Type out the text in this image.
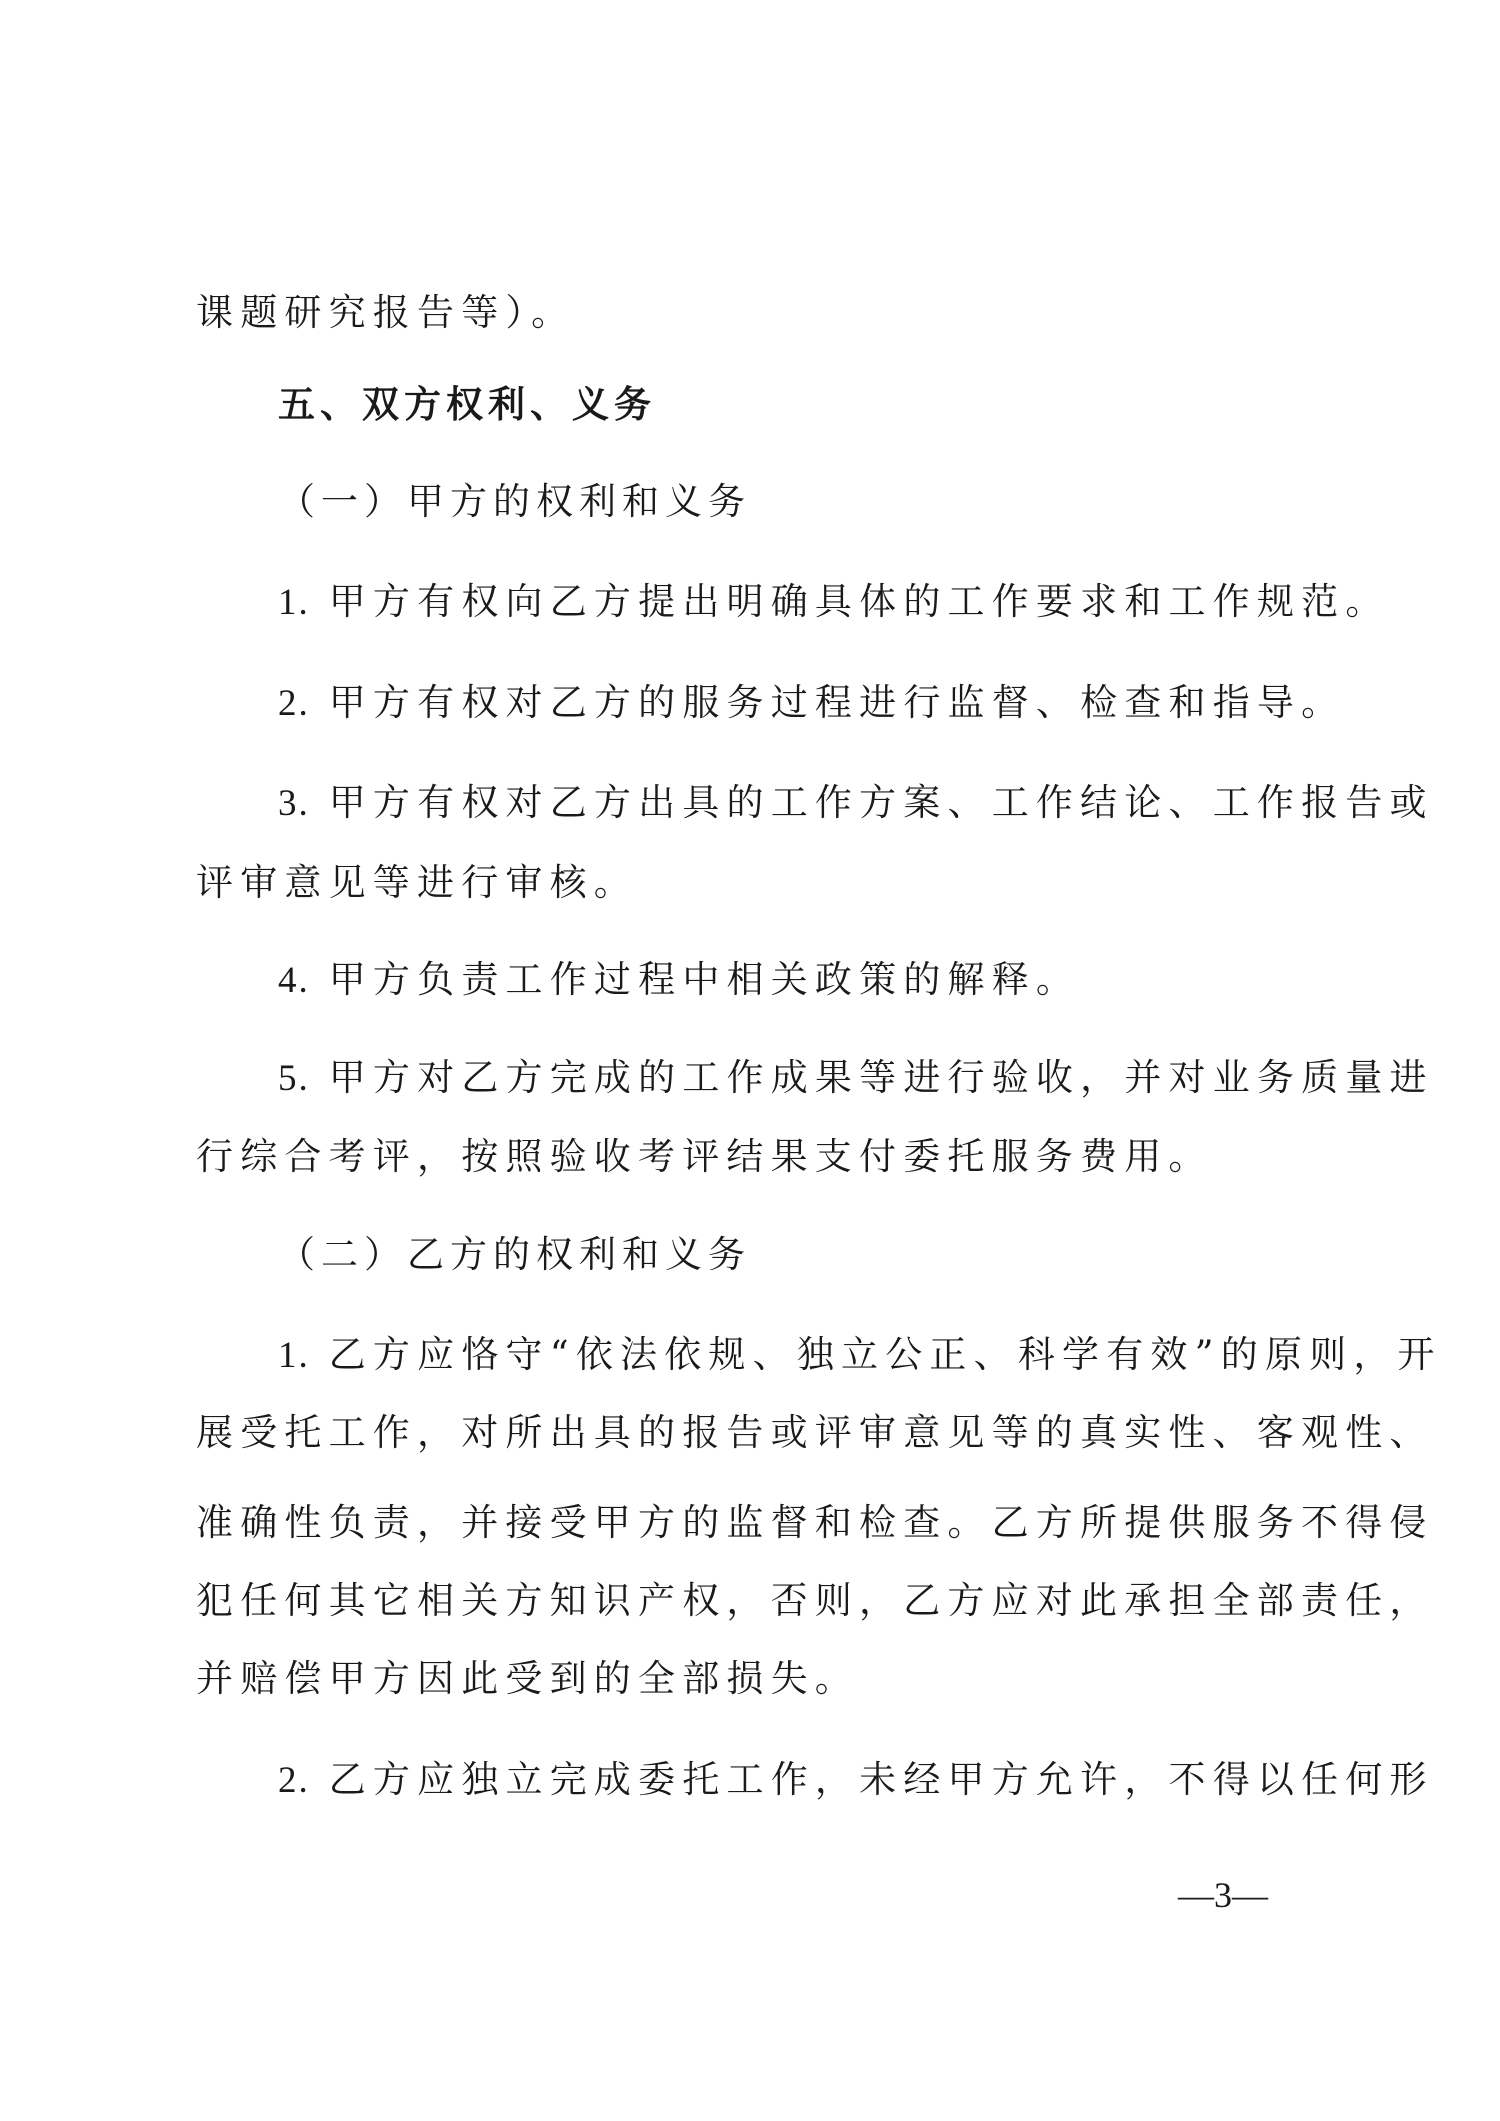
课题研究报告等）。
五、双方权利、义务
（一）甲方的权利和义务
1. 甲方有权向乙方提出明确具体的工作要求和工作规范。
2. 甲方有权对乙方的服务过程进行监督、检查和指导。
3. 甲方有权对乙方出具的工作方案、工作结论、工作报告或
评审意见等进行审核。
4. 甲方负责工作过程中相关政策的解释。
5. 甲方对乙方完成的工作成果等进行验收，并对业务质量进
行综合考评，按照验收考评结果支付委托服务费用。
（二）乙方的权利和义务
1. 乙方应恪守“依法依规、独立公正、科学有效”的原则，开
展受托工作，对所出具的报告或评审意见等的真实性、客观性、
准确性负责，并接受甲方的监督和检查。乙方所提供服务不得侵
犯任何其它相关方知识产权，否则，乙方应对此承担全部责任，
并赔偿甲方因此受到的全部损失。
2. 乙方应独立完成委托工作，未经甲方允许，不得以任何形
—3—
